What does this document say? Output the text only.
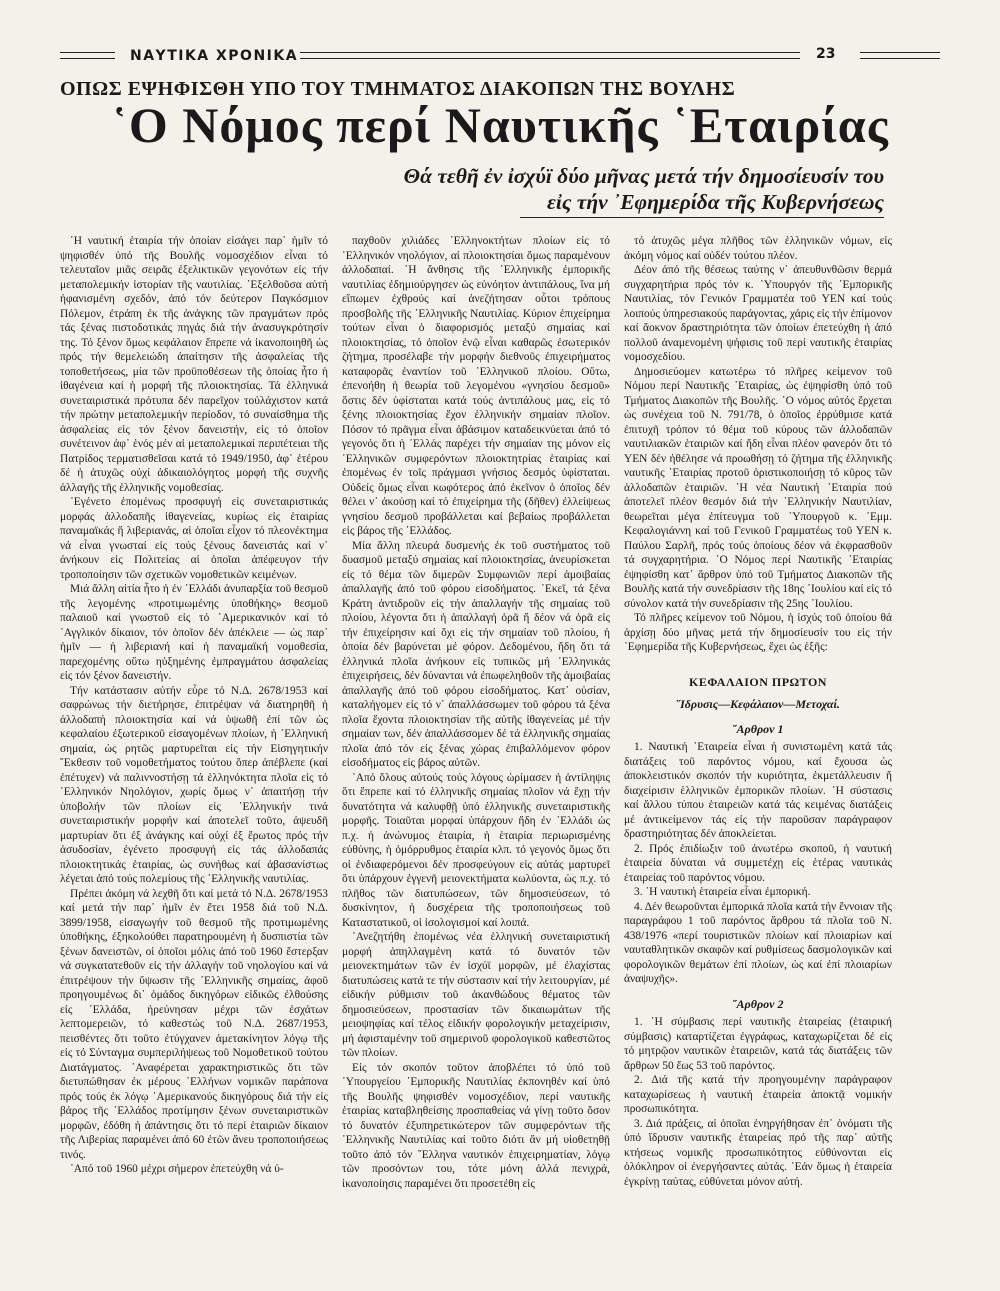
ΝΑΥΤΙΚΑ ΧΡΟΝΙΚΑ	23
ΟΠΩΣ ΕΨΗΦΙΣΘΗ ΥΠΟ ΤΟΥ ΤΜΗΜΑΤΟΣ ΔΙΑΚΟΠΩΝ ΤΗΣ ΒΟΥΛΗΣ
῾Ο Νόμος περί Ναυτικῆς ῾Εταιρίας
Θά τεθῆ ἐν ἰσχύϊ δύο μῆνας μετά τήν δημοσίευσίν του
εἰς τήν ᾿Εφημερίδα τῆς Κυβερνήσεως

῾Η ναυτική ἑταιρία τήν ὁποίαν εἰσάγει παρ᾿ ἡμῖν τό ψηφισθέν ὑπό τῆς Βουλῆς νομοσχέδιον εἶναι τό τελευταῖον μιᾶς σειρᾶς ἐξελικτικῶν γεγονότων εἰς τήν μεταπολεμικήν ἱστορίαν τῆς ναυτιλίας. ᾿Εξελθοῦσα αὐτή ἠφανισμένη σχεδόν, ἀπό τόν δεύτερον Παγκόσμιον Πόλεμον, ἐτράπη ἐκ τῆς ἀνάγκης τῶν πραγμάτων πρός τάς ξένας πιστοδοτικάς πηγάς διά τήν ἀνασυγκρότησίν της. Τό ξένον ὅμως κεφάλαιον ἔπρεπε νά ἱκανοποιηθῆ ὡς πρός τήν θεμελειώδη ἀπαίτησιν τῆς ἀσφαλείας τῆς τοποθετήσεως, μία τῶν προϋποθέσεων τῆς ὁποίας ἦτο ἡ ἰθαγένεια καί ἡ μορφή τῆς πλοιοκτησίας. Τά ἑλληνικά συνεταιριστικά πρότυπα δέν παρεῖχον τοὐλάχιστον κατά τήν πρώτην μεταπολεμικήν περίοδον, τό συναίσθημα τῆς ἀσφαλείας εἰς τόν ξένον δανειστήν, εἰς τό ὁποῖον συνέτεινον ἀφ᾿ ἑνός μέν αἱ μεταπολεμικαί περιπέτειαι τῆς Πατρίδος τερματισθεῖσαι κατά τό 1949/1950, ἀφ᾿ ἑτέρου δέ ἡ ἀτυχῶς οὐχί ἀδικαιολόγητος μορφή τῆς συχνῆς ἀλλαγῆς τῆς ἑλληνικῆς νομοθεσίας.

᾿Εγένετο ἑπομένως προσφυγή εἰς συνεταιριστικάς μορφάς ἀλλοδαπῆς ἰθαγενείας, κυρίως εἰς ἑταιρίας παναμαϊκάς ἤ λιβεριανάς, αἱ ὁποῖαι εἶχον τό πλεονέκτημα νά εἶναι γνωσταί εἰς τούς ξένους δανειστάς καί ν᾿ ἀνήκουν εἰς Πολιτείας αἱ ὁποῖαι ἀπέφευγον τήν τροποποίησιν τῶν σχετικῶν νομοθετικῶν κειμένων.

Μιά ἄλλη αἰτία ἦτο ἡ ἐν ᾿Ελλάδι ἀνυπαρξία τοῦ θεσμοῦ τῆς λεγομένης «προτιμωμένης ὑποθήκης» θεσμοῦ παλαιοῦ καί γνωστοῦ εἰς τό ᾿Αμερικανικόν καί τό ᾿Αγγλικόν δίκαιον, τόν ὁποῖον δέν ἀπέκλειε — ὡς παρ᾿ ἡμῖν — ἡ λιβεριανή καί ἡ παναμαϊκή νομοθεσία, παρεχομένης οὕτω ηὐξημένης ἐμπραγμάτου ἀσφαλείας εἰς τόν ξένον δανειστήν.

Τήν κατάστασιν αὐτήν εὗρε τό Ν.Δ. 2678/1953 καί σαφρώνως τήν διετήρησε, ἐπιτρέψαν νά διατηρηθῆ ἡ ἀλλοδαπή πλοιοκτησία καί νά ὑψωθῆ ἐπί τῶν ὡς κεφαλαίου ἐξωτερικοῦ εἰσαγομένων πλοίων, ἡ ῾Ελληνική σημαία, ὡς ρητῶς μαρτυρεῖται εἰς τήν Εἰσηγητικήν ῎Εκθεσιν τοῦ νομοθετήματος τούτου ὅπερ ἀπέβλεπε (καί ἐπέτυχεν) νά παλιννοστήσῃ τά ἑλληνόκτητα πλοῖα εἰς τό ῾Ελληνικόν Νηολόγιον, χωρίς ὅμως ν᾿ ἀπαιτήσῃ τήν ὑποβολήν τῶν πλοίων εἰς ῾Ελληνικήν τινά συνεταιριστικήν μορφήν καί ἀποτελεῖ τοῦτο, ἀψευδῆ μαρτυρίαν ὅτι ἐξ ἀνάγκης καί οὐχί ἐξ ἔρωτος πρός τήν ἀσυδοσίαν, ἐγένετο προσφυγή εἰς τάς ἀλλοδαπάς πλοιοκτητικάς ἑταιρίας, ὡς συνήθως καί ἀβασανίστως λέγεται ἀπό τούς πολεμίους τῆς ῾Ελληνικῆς ναυτιλίας.

Πρέπει ἀκόμη νά λεχθῆ ὅτι καί μετά τό Ν.Δ. 2678/1953 καί μετά τήν παρ᾿ ἡμῖν ἐν ἔτει 1958 διά τοῦ Ν.Δ. 3899/1958, εἰσαγωγήν τοῦ θεσμοῦ τῆς προτιμωμένης ὑποθήκης, ἐξηκολούθει παρατηρουμένη ἡ δυσπιστία τῶν ξένων δανειστῶν, οἱ ὁποῖοι μόλις ἀπό τοῦ 1960 ἔστερξαν νά συγκατατεθοῦν εἰς τήν ἀλλαγήν τοῦ νηολογίου καί νά ἐπιτρέψουν τήν ὕψωσιν τῆς ῾Ελληνικῆς σημαίας, ἀφοῦ προηγουμένως δι᾿ ὁμάδος δικηγόρων εἰδικῶς ἐλθούσης εἰς ᾿Ελλάδα, ἠρεύνησαν μέχρι τῶν ἐσχάτων λεπτομερειῶν, τό καθεστώς τοῦ Ν.Δ. 2687/1953, πεισθέντες ὅτι τοῦτο ἐτύγχανεν ἀμετακίνητον λόγῳ τῆς εἰς τό Σύνταγμα συμπεριλήψεως τοῦ Νομοθετικοῦ τούτου Διατάγματος. ᾿Αναφέρεται χαρακτηριστικῶς ὅτι τῶν διετυπώθησαν ἐκ μέρους ῾Ελλήνων νομικῶν παράπονα πρός τούς ἐκ λόγῳ ᾿Αμερικανούς δικηγόρους διά τήν εἰς βάρος τῆς ῾Ελλάδος προτίμησιν ξένων συνεταιριστικῶν μορφῶν, ἐδόθη ἡ ἀπάντησις ὅτι τό περί ἑταιριῶν δίκαιον τῆς Λιβερίας παραμένει ἀπό 60 ἐτῶν ἄνευ τροποποιήσεως τινός.

᾿Από τοῦ 1960 μέχρι σήμερον ἐπετεύχθη νά ὑ-

παχθοῦν χιλιάδες ᾿Ελληνοκτήτων πλοίων εἰς τό ῾Ελληνικόν νηολόγιον, αἱ πλοιοκτησίαι ὅμως παραμένουν ἀλλοδαπαί. ῾Η ἄνθησις τῆς ῾Ελληνικῆς ἐμπορικῆς ναυτιλίας ἐδημιούργησεν ὡς εὐνόητον ἀντιπάλους, ἵνα μή εἴπωμεν ἐχθρούς καί ἀνεζήτησαν οὗτοι τρόπους προσβολῆς τῆς ῾Ελληνικῆς Ναυτιλίας. Κύριον ἐπιχείρημα τούτων εἶναι ὁ διαφορισμός μεταξύ σημαίας καί πλοιοκτησίας, τό ὁποῖον ἐνῷ εἶναι καθαρῶς ἐσωτερικόν ζήτημα, προσέλαβε τήν μορφήν διεθνοῦς ἐπιχειρήματος καταφορᾶς ἐναντίον τοῦ ῾Ελληνικοῦ πλοίου. Οὕτω, ἐπενοήθη ἡ θεωρία τοῦ λεγομένου «γνησίου δεσμοῦ» ὅστις δέν ὑφίσταται κατά τούς ἀντιπάλους μας, εἰς τό ξένης πλοιοκτησίας ἔχον ἑλληνικήν σημαίαν πλοῖον. Πόσον τό πρᾶγμα εἶναι ἀβάσιμον καταδεικνύεται ἀπό τό γεγονός ὅτι ἡ ᾿Ελλάς παρέχει τήν σημαίαν της μόνον εἰς ῾Ελληνικῶν συμφερόντων πλοιοκτητρίας ἑταιρίας καί ἑπομένως ἐν τοῖς πράγμασι γνήσιος δεσμός ὑφίσταται. Οὐδείς ὅμως εἶναι κωφότερος ἀπό ἐκεῖνον ὁ ὁποῖος δέν θέλει ν᾿ ἀκούσῃ καί τό ἐπιχείρημα τῆς (δῆθεν) ἐλλείψεως γνησίου δεσμοῦ προβάλλεται καί βεβαίως προβάλλεται εἰς βάρος τῆς ᾿Ελλάδος.

Μία ἄλλη πλευρά δυσμενής ἐκ τοῦ συστήματος τοῦ δυασμοῦ μεταξύ σημαίας καί πλοιοκτησίας, ἀνευρίσκεται εἰς τό θέμα τῶν διμερῶν Συμφωνιῶν περί ἀμοιβαίας ἀπαλλαγῆς ἀπό τοῦ φόρου εἰσοδήματος. ᾿Εκεῖ, τά ξένα Κράτη ἀντιδροῦν εἰς τήν ἀπαλλαγήν τῆς σημαίας τοῦ πλοίου, λέγοντα ὅτι ἡ ἀπαλλαγή ὁρᾶ ἤ δέον νά ὁρᾶ εἰς τήν ἐπιχείρησιν καί ὄχι εἰς τήν σημαίαν τοῦ πλοίου, ἡ ὁποία δέν βαρύνεται μέ φόρον. Δεδομένου, ἤδη ὅτι τά ἑλληνικά πλοῖα ἀνήκουν εἰς τυπικῶς μή ῾Ελληνικάς ἐπιχειρήσεις, δέν δύνανται νά ἐπωφεληθοῦν τῆς ἀμοιβαίας ἀπαλλαγῆς ἀπό τοῦ φόρου εἰσοδήματος. Κατ᾿ οὐσίαν, καταλήγομεν εἰς τό ν᾿ ἀπαλλάσσωμεν τοῦ φόρου τά ξένα πλοῖα ἔχοντα πλοιοκτησίαν τῆς αὐτῆς ἰθαγενείας μέ τήν σημαίαν των, δέν ἀπαλλάσσομεν δέ τά ἑλληνικῆς σημαίας πλοῖα ἀπό τόν εἰς ξένας χώρας ἐπιβαλλόμενον φόρον εἰσοδήματος εἰς βάρος αὐτῶν.

᾿Από ὅλους αὐτούς τούς λόγους ὡρίμασεν ἡ ἀντίληψις ὅτι ἔπρεπε καί τό ἑλληνικῆς σημαίας πλοῖον νά ἔχῃ τήν δυνατότητα νά καλυφθῇ ὑπό ἑλληνικῆς συνεταιριστικῆς μορφῆς. Τοιαῦται μορφαί ὑπάρχουν ἤδη ἐν ᾿Ελλάδι ὡς π.χ. ἡ ἀνώνυμος ἑταιρία, ἡ ἑταιρία περιωρισμένης εὐθύνης, ἡ ὁμόρρυθμος ἑταιρία κλπ. τό γεγονός ὅμως ὅτι οἱ ἐνδιαφερόμενοι δέν προσφεύγουν εἰς αὐτάς μαρτυρεῖ ὅτι ὑπάρχουν ἐγγενῆ μειονεκτήματα κωλύοντα, ὡς π.χ. τό πλῆθος τῶν διατυπώσεων, τῶν δημοσιεύσεων, τό δυσκίνητον, ἡ δυσχέρεια τῆς τροποποιήσεως τοῦ Καταστατικοῦ, οἱ ἰσολογισμοί καί λοιπά.

᾿Ανεζητήθη ἑπομένως νέα ἑλληνική συνεταιριστική μορφή ἀπηλλαγμένη κατά τό δυνατόν τῶν μειονεκτημάτων τῶν ἐν ἰσχύϊ μορφῶν, μέ ἐλαχίστας διατυπώσεις κατά τε τήν σύστασιν καί τήν λειτουργίαν, μέ εἰδικήν ρύθμισιν τοῦ ἀκανθώδους θέματος τῶν δημοσιεύσεων, προστασίαν τῶν δικαιωμάτων τῆς μειοψηφίας καί τέλος εἰδικήν φορολογικήν μεταχείρισιν, μή ἀφισταμένην τοῦ σημερινοῦ φορολογικοῦ καθεστῶτος τῶν πλοίων.

Εἰς τόν σκοπόν τοῦτον ἀποβλέπει τό ὑπό τοῦ ῾Υπουργείου ᾿Εμπορικῆς Ναυτιλίας ἐκπονηθέν καί ὑπό τῆς Βουλῆς ψηφισθέν νομοσχέδιον, περί ναυτικῆς ἑταιρίας καταβληθείσης προσπαθείας νά γίνῃ τοῦτο ὅσον τό δυνατόν ἐξυπηρετικώτερον τῶν συμφερόντων τῆς ῾Ελληνικῆς Ναυτιλίας καί τοῦτο διότι ἄν μή υἱοθετηθῇ τοῦτο ἀπό τόν ῞Ελληνα ναυτικόν ἐπιχειρηματίαν, λόγῳ τῶν προσόντων του, τότε μόνη ἀλλά πενιχρά, ἱκανοποίησις παραμένει ὅτι προσετέθη εἰς

τό ἀτυχῶς μέγα πλῆθος τῶν ἑλληνικῶν νόμων, εἰς ἀκόμη νόμος καί οὐδέν τούτου πλέον.

Δέον ἀπό τῆς θέσεως ταύτης ν᾿ ἀπευθυνθῶσιν θερμά συγχαρητήρια πρός τόν κ. ῾Υπουργόν τῆς ᾿Εμπορικῆς Ναυτιλίας, τόν Γενικόν Γραμματέα τοῦ ΥΕΝ καί τούς λοιπούς ὑπηρεσιακούς παράγοντας, χάρις εἰς τήν ἐπίμονον καί ἄοκνον δραστηριότητα τῶν ὁποίων ἐπετεύχθη ἡ ἀπό πολλοῦ ἀναμενομένη ψήφισις τοῦ περί ναυτικῆς ἑταιρίας νομοσχεδίου.

Δημοσιεύομεν κατωτέρω τό πλῆρες κείμενον τοῦ Νόμου περί Ναυτικῆς ᾿Εταιρίας, ὡς ἐψηφίσθη ὑπό τοῦ Τμήματος Διακοπῶν τῆς Βουλῆς. ῾Ο νόμος αὐτός ἔρχεται ὡς συνέχεια τοῦ Ν. 791/78, ὁ ὁποῖος ἐρρύθμισε κατά ἐπιτυχῆ τρόπον τό θέμα τοῦ κύρους τῶν ἀλλοδαπῶν ναυτιλιακῶν ἑταιριῶν καί ἤδη εἶναι πλέον φανερόν ὅτι τό ΥΕΝ δέν ἠθέλησε νά προωθήσῃ τό ζήτημα τῆς ἑλληνικῆς ναυτικῆς ᾿Εταιρίας προτοῦ ὁριστικοποιήσῃ τό κῦρος τῶν ἀλλοδαπῶν ἑταιριῶν. ῾Η νέα Ναυτική ᾿Εταιρία πού ἀποτελεῖ πλέον θεσμόν διά τήν ῾Ελληνικήν Ναυτιλίαν, θεωρεῖται μέγα ἐπίτευγμα τοῦ ῾Υπουργοῦ κ. ᾿Εμμ. Κεφαλογιάννη καί τοῦ Γενικοῦ Γραμματέως τοῦ ΥΕΝ κ. Παύλου Σαρλῆ, πρός τούς ὁποίους δέον νά ἐκφρασθοῦν τά συγχαρητήρια. ῾Ο Νόμος περί Ναυτικῆς ᾿Εταιρίας ἐψηφίσθη κατ᾿ ἄρθρον ὑπό τοῦ Τμήματος Διακοπῶν τῆς Βουλῆς κατά τήν συνεδρίασιν τῆς 18ης ᾿Ιουλίου καί εἰς τό σύνολον κατά τήν συνεδρίασιν τῆς 25ης ᾿Ιουλίου.

Τό πλῆρες κείμενον τοῦ Νόμου, ἡ ἰσχύς τοῦ ὁποίου θά ἀρχίσῃ δύο μῆνας μετά τήν δημοσίευσίν του εἰς τήν ᾿Εφημερίδα τῆς Κυβερνήσεως, ἔχει ὡς ἑξῆς:

ΚΕΦΑΛΑΙΟΝ ΠΡΩΤΟΝ
῞Ιδρυσις—Κεφάλαιον—Μετοχαί.
῎Αρθρον 1

1. Ναυτική ᾿Εταιρεία εἶναι ἡ συνιστωμένη κατά τάς διατάξεις τοῦ παρόντος νόμου, καί ἔχουσα ὡς ἀποκλειστικόν σκοπόν τήν κυριότητα, ἐκμετάλλευσιν ἤ διαχείρισιν ἑλληνικῶν ἐμπορικῶν πλοίων. ῾Η σύστασις καί ἄλλου τύπου ἑταιρειῶν κατά τάς κειμένας διατάξεις μέ ἀντικείμενον τάς εἰς τήν παροῦσαν παράγραφον δραστηριότητας δέν ἀποκλείεται.

2. Πρός ἐπιδίωξιν τοῦ ἀνωτέρω σκοποῦ, ἡ ναυτική ἑταιρεία δύναται νά συμμετέχῃ εἰς ἑτέρας ναυτικάς ἑταιρείας τοῦ παρόντος νόμου.

3. ῾Η ναυτική ἑταιρεία εἶναι ἐμπορική.

4. Δέν θεωροῦνται ἐμπορικά πλοῖα κατά τήν ἔννοιαν τῆς παραγράφου 1 τοῦ παρόντος ἄρθρου τά πλοῖα τοῦ Ν. 438/1976 «περί τουριστικῶν πλοίων καί πλοιαρίων καί ναυταθλητικῶν σκαφῶν καί ρυθμίσεως δασμολογικῶν καί φορολογικῶν θεμάτων ἐπί πλοίων, ὡς καί ἐπί πλοιαρίων ἀναψυχῆς».

῎Αρθρον 2

1. ῾Η σύμβασις περί ναυτικῆς ἑταιρείας (ἑταιρική σύμβασις) καταρτίζεται ἐγγράφως, καταχωρίζεται δέ εἰς τό μητρῷον ναυτικῶν ἑταιρειῶν, κατά τάς διατάξεις τῶν ἄρθρων 50 ἕως 53 τοῦ παρόντος.

2. Διά τῆς κατά τήν προηγουμένην παράγραφον καταχωρίσεως ἡ ναυτική ἑταιρεία ἀποκτᾷ νομικήν προσωπικότητα.

3. Διά πράξεις, αἱ ὁποῖαι ἐνηργήθησαν ἐπ᾿ ὀνόματι τῆς ὑπό ἵδρυσιν ναυτικῆς ἑταιρείας πρό τῆς παρ᾿ αὐτῆς κτήσεως νομικῆς προσωπικότητος εὐθύνονται εἰς ὁλόκληρον οἱ ἐνεργήσαντες αὐτάς. ᾿Εάν ὅμως ἡ ἑταιρεία ἐγκρίνῃ ταύτας, εὐθύνεται μόνον αὐτή.
